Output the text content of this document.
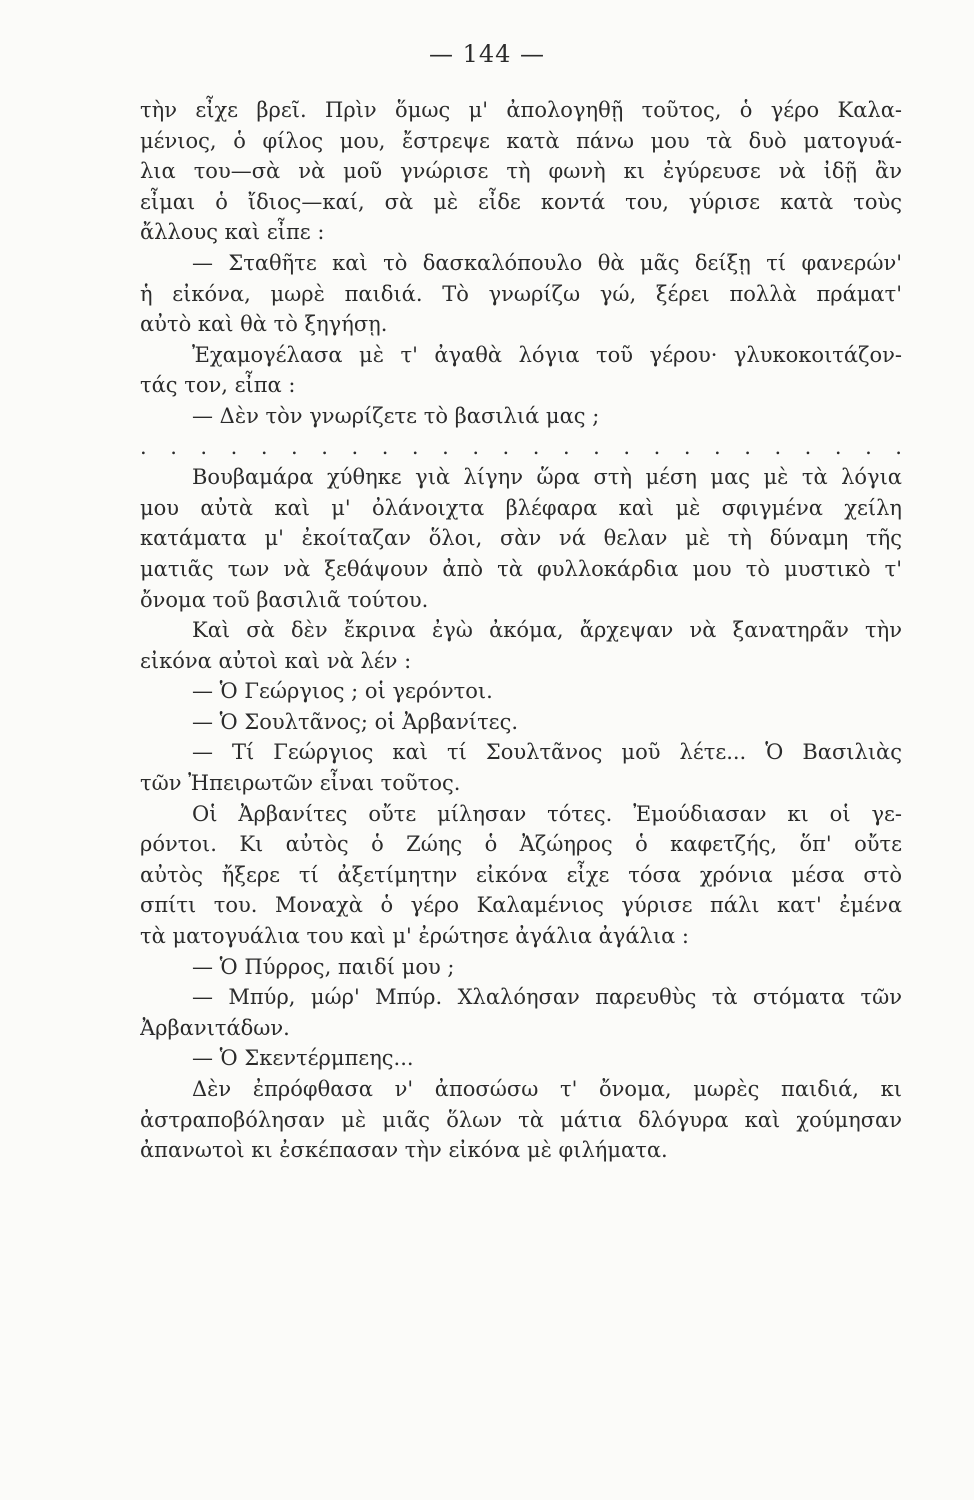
— 144 —
τὴν εἶχε βρεῖ. Πρὶν ὅμως μ' ἀπολογηθῇ τοῦτος, ὁ γέρο Καλα-
μένιος, ὁ φίλος μου, ἔστρεψε κατὰ πάνω μου τὰ δυὸ ματογυά-
λια του—σὰ νὰ μοῦ γνώρισε τὴ φωνὴ κι ἐγύρευσε νὰ ἰδῇ ἂν
εἶμαι ὁ ἴδιος—καί, σὰ μὲ εἶδε κοντά του, γύρισε κατὰ τοὺς
ἄλλους καὶ εἶπε :
— Σταθῆτε καὶ τὸ δασκαλόπουλο θὰ μᾶς δείξῃ τί φανερών'
ἡ εἰκόνα, μωρὲ παιδιά. Τὸ γνωρίζω γώ, ξέρει πολλὰ πράματ'
αὐτὸ καὶ θὰ τὸ ξηγήσῃ.
Ἐχαμογέλασα μὲ τ' ἀγαθὰ λόγια τοῦ γέρου· γλυκοκοιτάζον-
τάς τον, εἶπα :
— Δὲν τὸν γνωρίζετε τὸ βασιλιά μας ;
. . . . . . . . . . . . . . . . . . . . . . . . . .
Βουβαμάρα χύθηκε γιὰ λίγην ὥρα στὴ μέση μας μὲ τὰ λόγια
μου αὐτὰ καὶ μ' ὀλάνοιχτα βλέφαρα καὶ μὲ σφιγμένα χείλη
κατάματα μ' ἐκοίταζαν ὅλοι, σὰν νά θελαν μὲ τὴ δύναμη τῆς
ματιᾶς των νὰ ξεθάψουν ἀπὸ τὰ φυλλοκάρδια μου τὸ μυστικὸ τ'
ὄνομα τοῦ βασιλιᾶ τούτου.
Καὶ σὰ δὲν ἔκρινα ἐγὼ ἀκόμα, ἄρχεψαν νὰ ξανατηρᾶν τὴν
εἰκόνα αὐτοὶ καὶ νὰ λέν :
— Ὁ Γεώργιος ; οἱ γερόντοι.
— Ὁ Σουλτᾶνος; οἱ Ἀρβανίτες.
— Τί Γεώργιος καὶ τί Σουλτᾶνος μοῦ λέτε... Ὁ Βασιλιὰς
τῶν Ἠπειρωτῶν εἶναι τοῦτος.
Οἱ Ἀρβανίτες οὔτε μίλησαν τότες. Ἐμούδιασαν κι οἱ γε-
ρόντοι. Κι αὐτὸς ὁ Ζώης ὁ Ἀζώηρος ὁ καφετζής, ὅπ' οὔτε
αὐτὸς ἤξερε τί ἀξετίμητην εἰκόνα εἶχε τόσα χρόνια μέσα στὸ
σπίτι του. Μοναχὰ ὁ γέρο Καλαμένιος γύρισε πάλι κατ' ἐμένα
τὰ ματογυάλια του καὶ μ' ἐρώτησε ἀγάλια ἀγάλια :
— Ὁ Πύρρος, παιδί μου ;
— Μπύρ, μώρ' Μπύρ. Χλαλόησαν παρευθὺς τὰ στόματα τῶν
Ἀρβανιτάδων.
— Ὁ Σκεντέρμπεης...
Δὲν ἐπρόφθασα ν' ἀποσώσω τ' ὄνομα, μωρὲς παιδιά, κι
ἀστραποβόλησαν μὲ μιᾶς ὅλων τὰ μάτια δλόγυρα καὶ χούμησαν
ἀπανωτοὶ κι ἐσκέπασαν τὴν εἰκόνα μὲ φιλήματα.
